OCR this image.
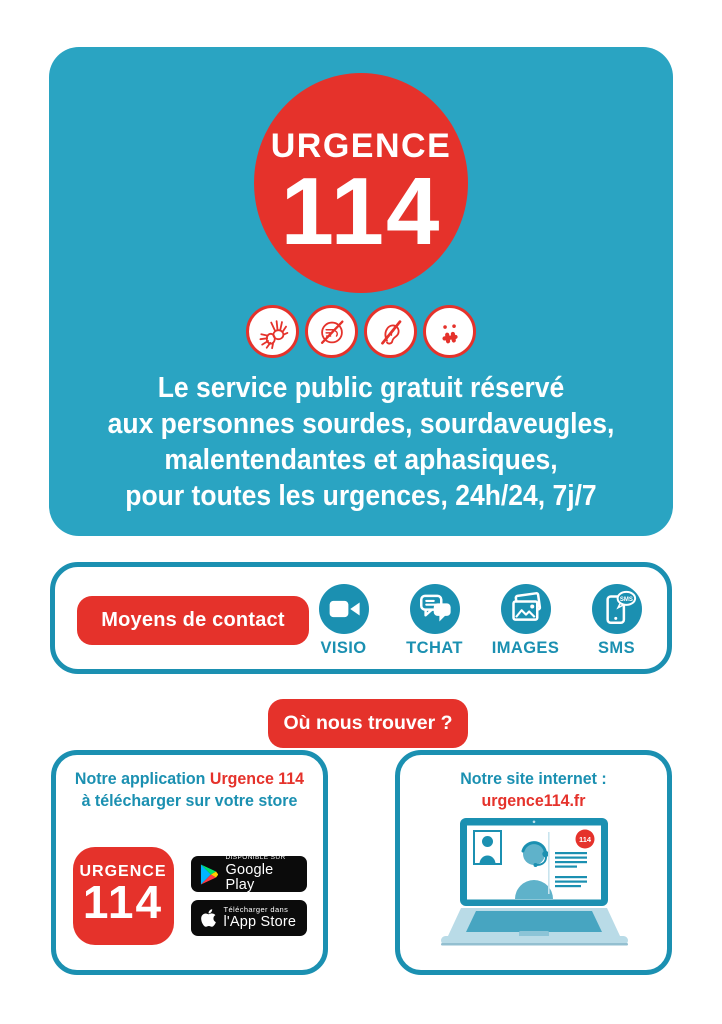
URGENCE
114
Le service public gratuit réservé
aux personnes sourdes, sourdaveugles,
malentendantes et aphasiques,
pour toutes les urgences, 24h/24, 7j/7
Moyens de contact
VISIO TCHAT IMAGES
SMS
SMS
Où nous trouver ?
Notre application Urgence 114
à télécharger sur votre store
URGENCE
114
DISPONIBLE SUR
Google Play
Télécharger dans
l'App Store
Notre site internet :
urgence114.fr
114
